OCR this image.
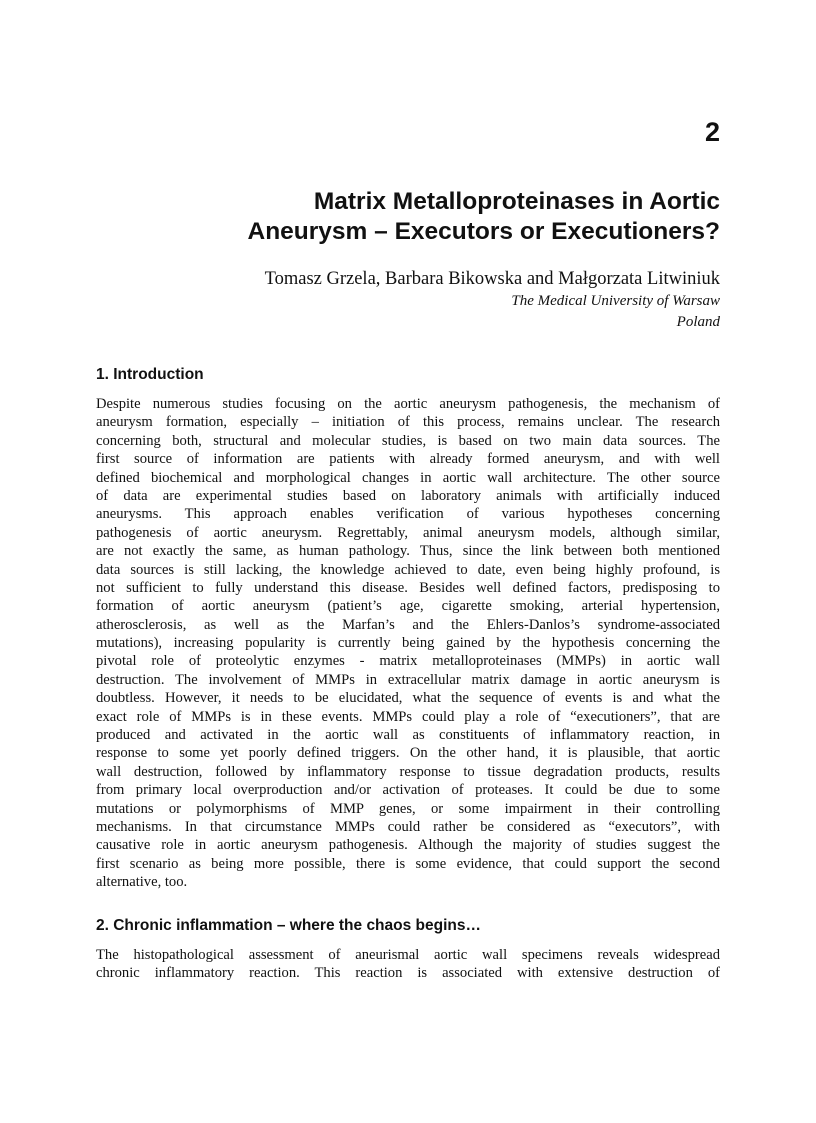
2
Matrix Metalloproteinases in Aortic
Aneurysm – Executors or Executioners?

Tomasz Grzela, Barbara Bikowska and Małgorzata Litwiniuk

The Medical University of Warsaw

Poland

1. Introduction
Despite numerous studies focusing on the aortic aneurysm pathogenesis, the mechanism of
aneurysm formation, especially – initiation of this process, remains unclear. The research
concerning both, structural and molecular studies, is based on two main data sources. The
first source of information are patients with already formed aneurysm, and with well
defined biochemical and morphological changes in aortic wall architecture. The other source
of data are experimental studies based on laboratory animals with artificially induced
aneurysms. This approach enables verification of various hypotheses concerning
pathogenesis of aortic aneurysm. Regrettably, animal aneurysm models, although similar,
are not exactly the same, as human pathology. Thus, since the link between both mentioned
data sources is still lacking, the knowledge achieved to date, even being highly profound, is
not sufficient to fully understand this disease. Besides well defined factors, predisposing to
formation of aortic aneurysm (patient’s age, cigarette smoking, arterial hypertension,
atherosclerosis, as well as the Marfan’s and the Ehlers-Danlos’s syndrome-associated
mutations), increasing popularity is currently being gained by the hypothesis concerning the
pivotal role of proteolytic enzymes - matrix metalloproteinases (MMPs) in aortic wall
destruction. The involvement of MMPs in extracellular matrix damage in aortic aneurysm is
doubtless. However, it needs to be elucidated, what the sequence of events is and what the
exact role of MMPs is in these events. MMPs could play a role of “executioners”, that are
produced and activated in the aortic wall as constituents of inflammatory reaction, in
response to some yet poorly defined triggers. On the other hand, it is plausible, that aortic
wall destruction, followed by inflammatory response to tissue degradation products, results
from primary local overproduction and/or activation of proteases. It could be due to some
mutations or polymorphisms of MMP genes, or some impairment in their controlling
mechanisms. In that circumstance MMPs could rather be considered as “executors”, with
causative role in aortic aneurysm pathogenesis. Although the majority of studies suggest the
first scenario as being more possible, there is some evidence, that could support the second
alternative, too.
2. Chronic inflammation – where the chaos begins…
The histopathological assessment of aneurismal aortic wall specimens reveals widespread
chronic inflammatory reaction. This reaction is associated with extensive destruction of
